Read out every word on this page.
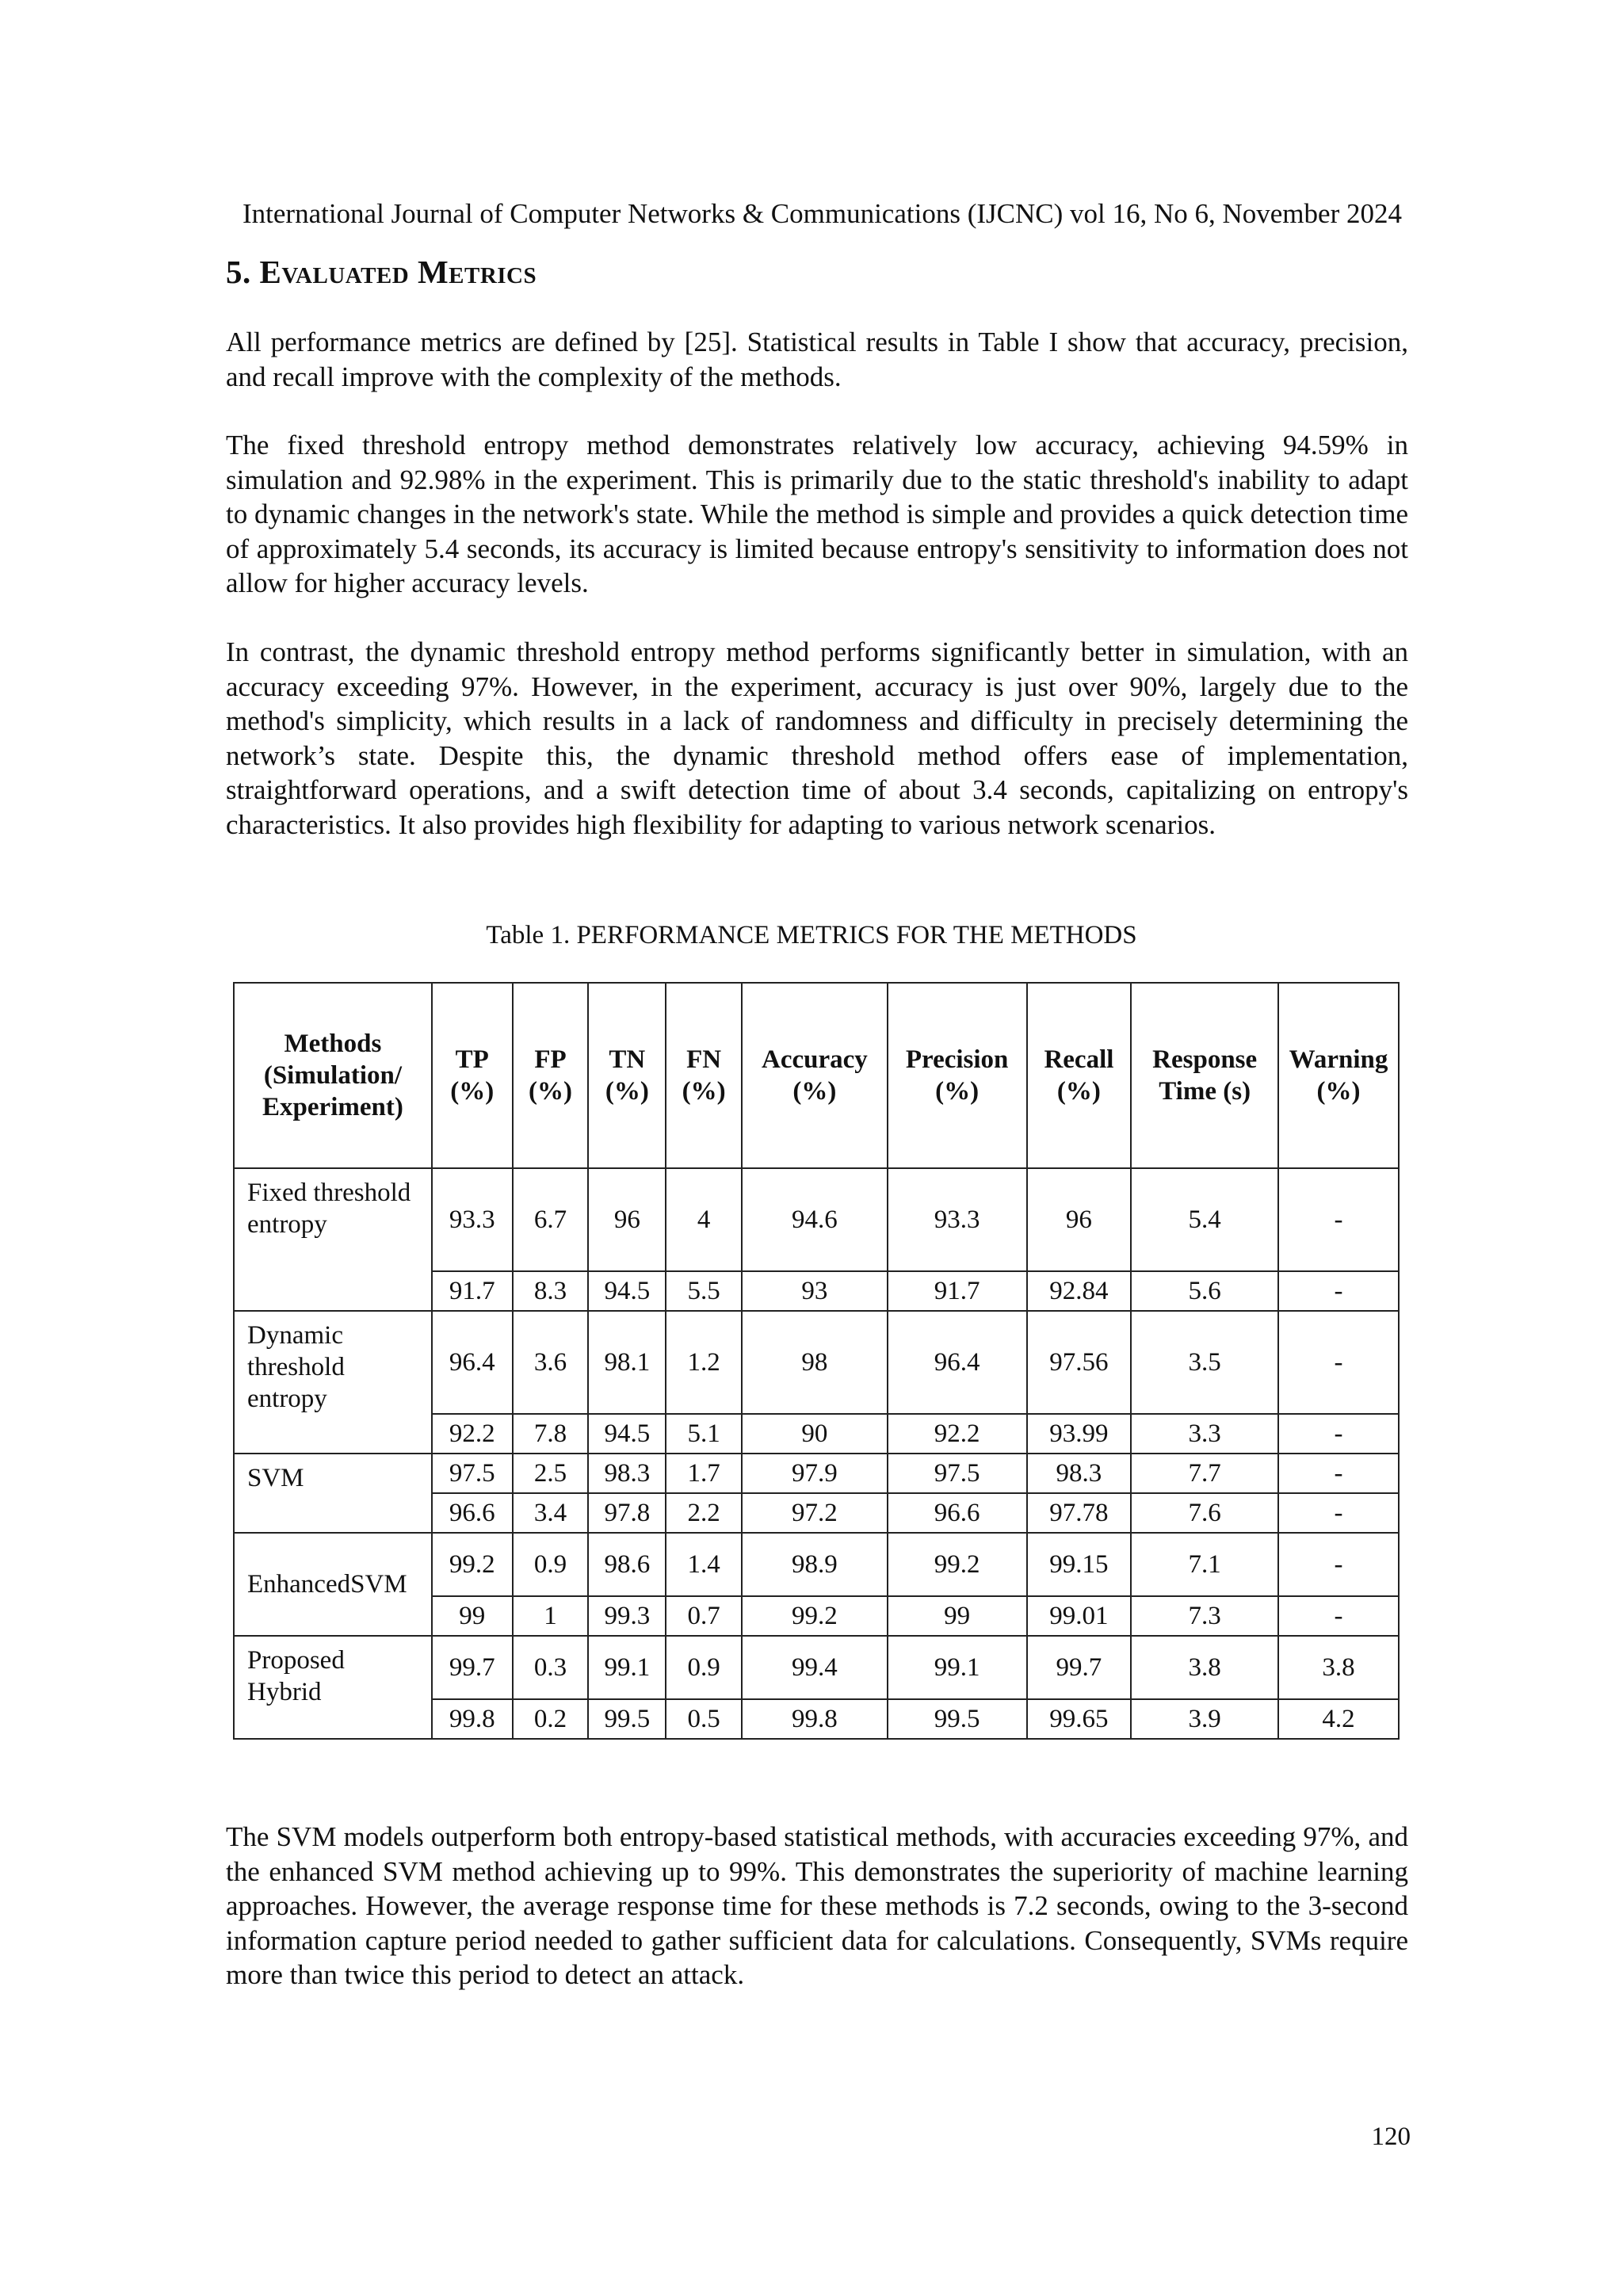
International Journal of Computer Networks & Communications (IJCNC) vol 16, No 6, November 2024
5. Evaluated Metrics

All performance metrics are defined by [25]. Statistical results in Table I show that accuracy, precision, and recall improve with the complexity of the methods.

The fixed threshold entropy method demonstrates relatively low accuracy, achieving 94.59% in simulation and 92.98% in the experiment. This is primarily due to the static threshold's inability to adapt to dynamic changes in the network's state. While the method is simple and provides a quick detection time of approximately 5.4 seconds, its accuracy is limited because entropy's sensitivity to information does not allow for higher accuracy levels.

In contrast, the dynamic threshold entropy method performs significantly better in simulation, with an accuracy exceeding 97%. However, in the experiment, accuracy is just over 90%, largely due to the method's simplicity, which results in a lack of randomness and difficulty in precisely determining the network’s state. Despite this, the dynamic threshold method offers ease of implementation, straightforward operations, and a swift detection time of about 3.4 seconds, capitalizing on entropy's characteristics. It also provides high flexibility for adapting to various network scenarios.

Table 1. PERFORMANCE METRICS FOR THE METHODS
Methods (Simulation/ Experiment)	TP (%)	FP (%)	TN (%)	FN (%)	Accuracy (%)	Precision (%)	Recall (%)	Response Time (s)	Warning (%)
Fixed threshold entropy	93.3	6.7	96	4	94.6	93.3	96	5.4	-
	91.7	8.3	94.5	5.5	93	91.7	92.84	5.6	-
Dynamic threshold entropy	96.4	3.6	98.1	1.2	98	96.4	97.56	3.5	-
	92.2	7.8	94.5	5.1	90	92.2	93.99	3.3	-
SVM	97.5	2.5	98.3	1.7	97.9	97.5	98.3	7.7	-
	96.6	3.4	97.8	2.2	97.2	96.6	97.78	7.6	-
EnhancedSVM	99.2	0.9	98.6	1.4	98.9	99.2	99.15	7.1	-
	99	1	99.3	0.7	99.2	99	99.01	7.3	-
Proposed Hybrid	99.7	0.3	99.1	0.9	99.4	99.1	99.7	3.8	3.8
	99.8	0.2	99.5	0.5	99.8	99.5	99.65	3.9	4.2

The SVM models outperform both entropy-based statistical methods, with accuracies exceeding 97%, and the enhanced SVM method achieving up to 99%. This demonstrates the superiority of machine learning approaches. However, the average response time for these methods is 7.2 seconds, owing to the 3-second information capture period needed to gather sufficient data for calculations. Consequently, SVMs require more than twice this period to detect an attack.

120
